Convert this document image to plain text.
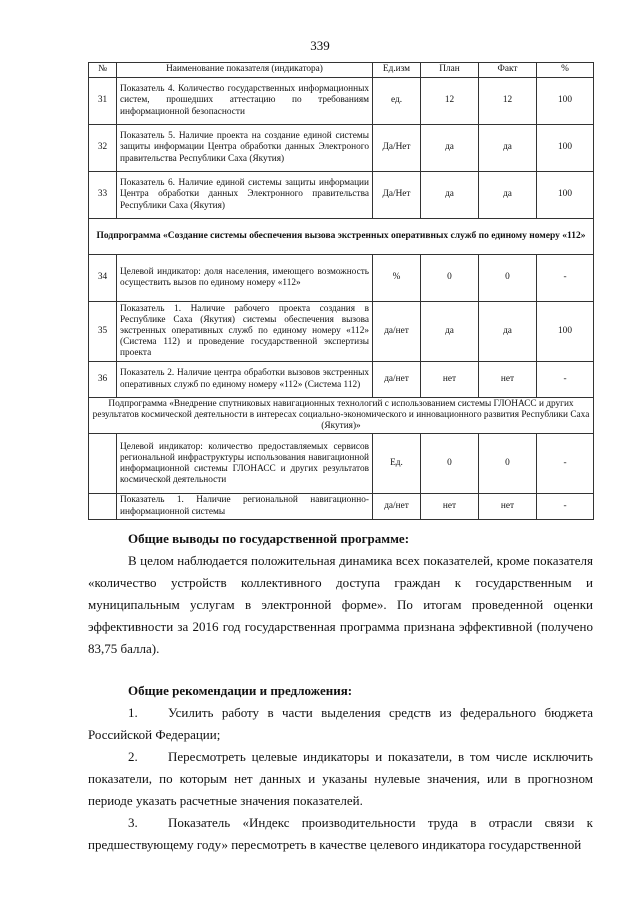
339
№	Наименование показателя (индикатора)	Ед.изм	План	Факт	%
31	Показатель 4. Количество государственных информационных систем, прошедших аттестацию по требованиям информационной безопасности	ед.	12	12	100
32	Показатель 5. Наличие проекта на создание единой системы защиты информации Центра обработки данных Электроного правительства Республики Саха (Якутия)	Да/Нет	да	да	100
33	Показатель 6. Наличие единой системы защиты информации Центра обработки данных Электронного правительства Республики Саха (Якутия)	Да/Нет	да	да	100
Подпрограмма «Создание системы обеспечения вызова экстренных оперативных служб по единому номеру «112»					
34	Целевой индикатор: доля населения, имеющего возможность осуществить вызов по единому номеру «112»	%	0	0	-
35	Показатель 1. Наличие рабочего проекта создания в Республике Саха (Якутия) системы обеспечения вызова экстренных оперативных служб по единому номеру «112» (Система 112) и проведение государственной экспертизы проекта	да/нет	да	да	100
36	Показатель 2. Наличие центра обработки вызовов экстренных оперативных служб по единому номеру «112» (Система 112)	да/нет	нет	нет	-
Подпрограмма «Внедрение спутниковых навигационных технологий с использованием системы ГЛОНАСС и других результатов космической деятельности в интересах социально-экономического и инновационного развития Республики Саха (Якутия)»					
	Целевой индикатор: количество предоставляемых сервисов региональной инфраструктуры использования навигационной информационной системы ГЛОНАСС и других результатов космической деятельности	Ед.	0	0	-
	Показатель 1. Наличие региональной навигационно-информационной системы	да/нет	нет	нет	-

Общие выводы по государственной программе:

В целом наблюдается положительная динамика всех показателей, кроме показателя «количество устройств коллективного доступа граждан к государственным и муниципальным услугам в электронной форме». По итогам проведенной оценки эффективности за 2016 год государственная программа признана эффективной (получено 83,75 балла).

Общие рекомендации и предложения:

1. Усилить работу в части выделения средств из федерального бюджета Российской Федерации;

2. Пересмотреть целевые индикаторы и показатели, в том числе исключить показатели, по которым нет данных и указаны нулевые значения, или в прогнозном периоде указать расчетные значения показателей.

3. Показатель «Индекс производительности труда в отрасли связи к предшествующему году» пересмотреть в качестве целевого индикатора государственной
